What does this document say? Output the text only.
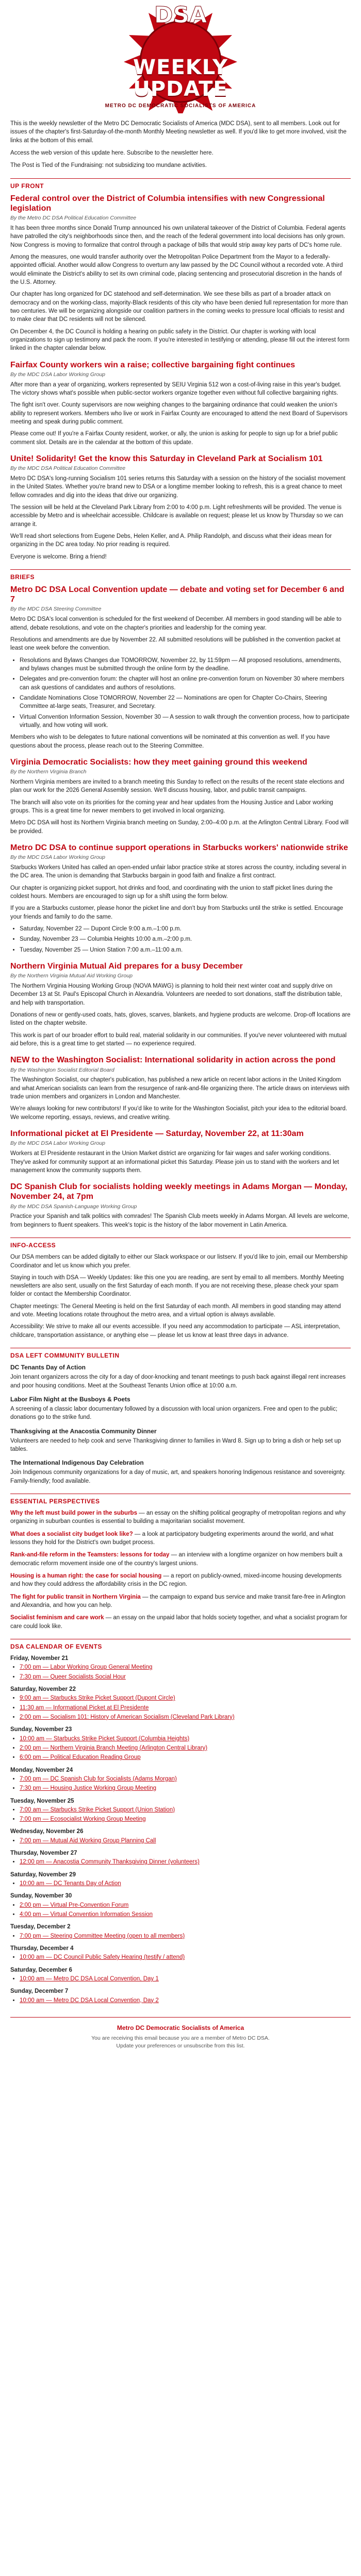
DSA
WEEKLY
UPDATE
METRO DC DEMOCRATIC SOCIALISTS OF AMERICA

This is the weekly newsletter of the Metro DC Democratic Socialists of America (MDC DSA), sent to all members. Look out for issues of the chapter's first-Saturday-of-the-month Monthly Meeting newsletter as well. If you'd like to get more involved, visit the links at the bottom of this email.

Access the web version of this update here. Subscribe to the newsletter here.

The Post is Tied of the Fundraising: not subsidizing too mundane activities.

UP FRONT
Federal control over the District of Columbia intensifies with new Congressional legislation
By the Metro DC DSA Political Education Committee

It has been three months since Donald Trump announced his own unilateral takeover of the District of Columbia. Federal agents have patrolled the city's neighborhoods since then, and the reach of the federal government into local decisions has only grown. Now Congress is moving to formalize that control through a package of bills that would strip away key parts of DC's home rule.

Among the measures, one would transfer authority over the Metropolitan Police Department from the Mayor to a federally-appointed official. Another would allow Congress to overturn any law passed by the DC Council without a recorded vote. A third would eliminate the District's ability to set its own criminal code, placing sentencing and prosecutorial discretion in the hands of the U.S. Attorney.

Our chapter has long organized for DC statehood and self-determination. We see these bills as part of a broader attack on democracy and on the working-class, majority-Black residents of this city who have been denied full representation for more than two centuries. We will be organizing alongside our coalition partners in the coming weeks to pressure local officials to resist and to make clear that DC residents will not be silenced.

On December 4, the DC Council is holding a hearing on public safety in the District. Our chapter is working with local organizations to sign up testimony and pack the room. If you're interested in testifying or attending, please fill out the interest form linked in the chapter calendar below.

Fairfax County workers win a raise; collective bargaining fight continues
By the MDC DSA Labor Working Group

After more than a year of organizing, workers represented by SEIU Virginia 512 won a cost-of-living raise in this year's budget. The victory shows what's possible when public-sector workers organize together even without full collective bargaining rights.

The fight isn't over. County supervisors are now weighing changes to the bargaining ordinance that could weaken the union's ability to represent workers. Members who live or work in Fairfax County are encouraged to attend the next Board of Supervisors meeting and speak during public comment.

Please come out! If you're a Fairfax County resident, worker, or ally, the union is asking for people to sign up for a brief public comment slot. Details are in the calendar at the bottom of this update.

Unite! Solidarity! Get the know this Saturday in Cleveland Park at Socialism 101
By the MDC DSA Political Education Committee

Metro DC DSA's long-running Socialism 101 series returns this Saturday with a session on the history of the socialist movement in the United States. Whether you're brand new to DSA or a longtime member looking to refresh, this is a great chance to meet fellow comrades and dig into the ideas that drive our organizing.

The session will be held at the Cleveland Park Library from 2:00 to 4:00 p.m. Light refreshments will be provided. The venue is accessible by Metro and is wheelchair accessible. Childcare is available on request; please let us know by Thursday so we can arrange it.

We'll read short selections from Eugene Debs, Helen Keller, and A. Philip Randolph, and discuss what their ideas mean for organizing in the DC area today. No prior reading is required.

Everyone is welcome. Bring a friend!

BRIEFS
Metro DC DSA Local Convention update — debate and voting set for December 6 and 7
By the MDC DSA Steering Committee

Metro DC DSA's local convention is scheduled for the first weekend of December. All members in good standing will be able to attend, debate resolutions, and vote on the chapter's priorities and leadership for the coming year.

Resolutions and amendments are due by November 22. All submitted resolutions will be published in the convention packet at least one week before the convention.

• Resolutions and Bylaws Changes due TOMORROW, November 22, by 11:59pm — All proposed resolutions, amendments, and bylaws changes must be submitted through the online form by the deadline.
• Delegates and pre-convention forum: the chapter will host an online pre-convention forum on November 30 where members can ask questions of candidates and authors of resolutions.
• Candidate Nominations Close TOMORROW, November 22 — Nominations are open for Chapter Co-Chairs, Steering Committee at-large seats, Treasurer, and Secretary.
• Virtual Convention Information Session, November 30 — A session to walk through the convention process, how to participate virtually, and how voting will work.

Members who wish to be delegates to future national conventions will be nominated at this convention as well. If you have questions about the process, please reach out to the Steering Committee.

Virginia Democratic Socialists: how they meet gaining ground this weekend
By the Northern Virginia Branch

Northern Virginia members are invited to a branch meeting this Sunday to reflect on the results of the recent state elections and plan our work for the 2026 General Assembly session. We'll discuss housing, labor, and public transit campaigns.

The branch will also vote on its priorities for the coming year and hear updates from the Housing Justice and Labor working groups. This is a great time for newer members to get involved in local organizing.

Metro DC DSA will host its Northern Virginia branch meeting on Sunday, 2:00–4:00 p.m. at the Arlington Central Library. Food will be provided.

Metro DC DSA to continue support operations in Starbucks workers' nationwide strike
By the MDC DSA Labor Working Group

Starbucks Workers United has called an open-ended unfair labor practice strike at stores across the country, including several in the DC area. The union is demanding that Starbucks bargain in good faith and finalize a first contract.

Our chapter is organizing picket support, hot drinks and food, and coordinating with the union to staff picket lines during the coldest hours. Members are encouraged to sign up for a shift using the form below.

If you are a Starbucks customer, please honor the picket line and don't buy from Starbucks until the strike is settled. Encourage your friends and family to do the same.

• Saturday, November 22 — Dupont Circle 9:00 a.m.–1:00 p.m.
• Sunday, November 23 — Columbia Heights 10:00 a.m.–2:00 p.m.
• Tuesday, November 25 — Union Station 7:00 a.m.–11:00 a.m.
Northern Virginia Mutual Aid prepares for a busy December
By the Northern Virginia Mutual Aid Working Group

The Northern Virginia Housing Working Group (NOVA MAWG) is planning to hold their next winter coat and supply drive on December 13 at St. Paul's Episcopal Church in Alexandria. Volunteers are needed to sort donations, staff the distribution table, and help with transportation.

Donations of new or gently-used coats, hats, gloves, scarves, blankets, and hygiene products are welcome. Drop-off locations are listed on the chapter website.

This work is part of our broader effort to build real, material solidarity in our communities. If you've never volunteered with mutual aid before, this is a great time to get started — no experience required.

NEW to the Washington Socialist: International solidarity in action across the pond
By the Washington Socialist Editorial Board

The Washington Socialist, our chapter's publication, has published a new article on recent labor actions in the United Kingdom and what American socialists can learn from the resurgence of rank-and-file organizing there. The article draws on interviews with trade union members and organizers in London and Manchester.

We're always looking for new contributors! If you'd like to write for the Washington Socialist, pitch your idea to the editorial board. We welcome reporting, essays, reviews, and creative writing.

Informational picket at El Presidente — Saturday, November 22, at 11:30am
By the MDC DSA Labor Working Group

Workers at El Presidente restaurant in the Union Market district are organizing for fair wages and safer working conditions. They've asked for community support at an informational picket this Saturday. Please join us to stand with the workers and let management know the community supports them.

DC Spanish Club for socialists holding weekly meetings in Adams Morgan — Monday, November 24, at 7pm
By the MDC DSA Spanish-Language Working Group

Practice your Spanish and talk politics with comrades! The Spanish Club meets weekly in Adams Morgan. All levels are welcome, from beginners to fluent speakers. This week's topic is the history of the labor movement in Latin America.

INFO-ACCESS

Our DSA members can be added digitally to either our Slack workspace or our listserv. If you'd like to join, email our Membership Coordinator and let us know which you prefer.

Staying in touch with DSA — Weekly Updates: like this one you are reading, are sent by email to all members. Monthly Meeting newsletters are also sent, usually on the first Saturday of each month. If you are not receiving these, please check your spam folder or contact the Membership Coordinator.

Chapter meetings: The General Meeting is held on the first Saturday of each month. All members in good standing may attend and vote. Meeting locations rotate throughout the metro area, and a virtual option is always available.

Accessibility: We strive to make all our events accessible. If you need any accommodation to participate — ASL interpretation, childcare, transportation assistance, or anything else — please let us know at least three days in advance.

DSA LEFT COMMUNITY BULLETIN
DC Tenants Day of Action

Join tenant organizers across the city for a day of door-knocking and tenant meetings to push back against illegal rent increases and poor housing conditions. Meet at the Southeast Tenants Union office at 10:00 a.m.

Labor Film Night at the Busboys & Poets

A screening of a classic labor documentary followed by a discussion with local union organizers. Free and open to the public; donations go to the strike fund.

Thanksgiving at the Anacostia Community Dinner

Volunteers are needed to help cook and serve Thanksgiving dinner to families in Ward 8. Sign up to bring a dish or help set up tables.

The International Indigenous Day Celebration

Join Indigenous community organizations for a day of music, art, and speakers honoring Indigenous resistance and sovereignty. Family-friendly; food available.

ESSENTIAL PERSPECTIVES
Why the left must build power in the suburbs — an essay on the shifting political geography of metropolitan regions and why organizing in suburban counties is essential to building a majoritarian socialist movement.
What does a socialist city budget look like? — a look at participatory budgeting experiments around the world, and what lessons they hold for the District's own budget process.
Rank-and-file reform in the Teamsters: lessons for today — an interview with a longtime organizer on how members built a democratic reform movement inside one of the country's largest unions.
Housing is a human right: the case for social housing — a report on publicly-owned, mixed-income housing developments and how they could address the affordability crisis in the DC region.
The fight for public transit in Northern Virginia — the campaign to expand bus service and make transit fare-free in Arlington and Alexandria, and how you can help.
Socialist feminism and care work — an essay on the unpaid labor that holds society together, and what a socialist program for care could look like.
DSA CALENDAR OF EVENTS
Friday, November 21
• 7:00 pm — Labor Working Group General Meeting
• 7:30 pm — Queer Socialists Social Hour
Saturday, November 22
• 9:00 am — Starbucks Strike Picket Support (Dupont Circle)
• 11:30 am — Informational Picket at El Presidente
• 2:00 pm — Socialism 101: History of American Socialism (Cleveland Park Library)
Sunday, November 23
• 10:00 am — Starbucks Strike Picket Support (Columbia Heights)
• 2:00 pm — Northern Virginia Branch Meeting (Arlington Central Library)
• 6:00 pm — Political Education Reading Group
Monday, November 24
• 7:00 pm — DC Spanish Club for Socialists (Adams Morgan)
• 7:30 pm — Housing Justice Working Group Meeting
Tuesday, November 25
• 7:00 am — Starbucks Strike Picket Support (Union Station)
• 7:00 pm — Ecosocialist Working Group Meeting
Wednesday, November 26
• 7:00 pm — Mutual Aid Working Group Planning Call
Thursday, November 27
• 12:00 pm — Anacostia Community Thanksgiving Dinner (volunteers)
Saturday, November 29
• 10:00 am — DC Tenants Day of Action
Sunday, November 30
• 2:00 pm — Virtual Pre-Convention Forum
• 4:00 pm — Virtual Convention Information Session
Tuesday, December 2
• 7:00 pm — Steering Committee Meeting (open to all members)
Thursday, December 4
• 10:00 am — DC Council Public Safety Hearing (testify / attend)
Saturday, December 6
• 10:00 am — Metro DC DSA Local Convention, Day 1
Sunday, December 7
• 10:00 am — Metro DC DSA Local Convention, Day 2
Metro DC Democratic Socialists of America
You are receiving this email because you are a member of Metro DC DSA.
Update your preferences or unsubscribe from this list.
